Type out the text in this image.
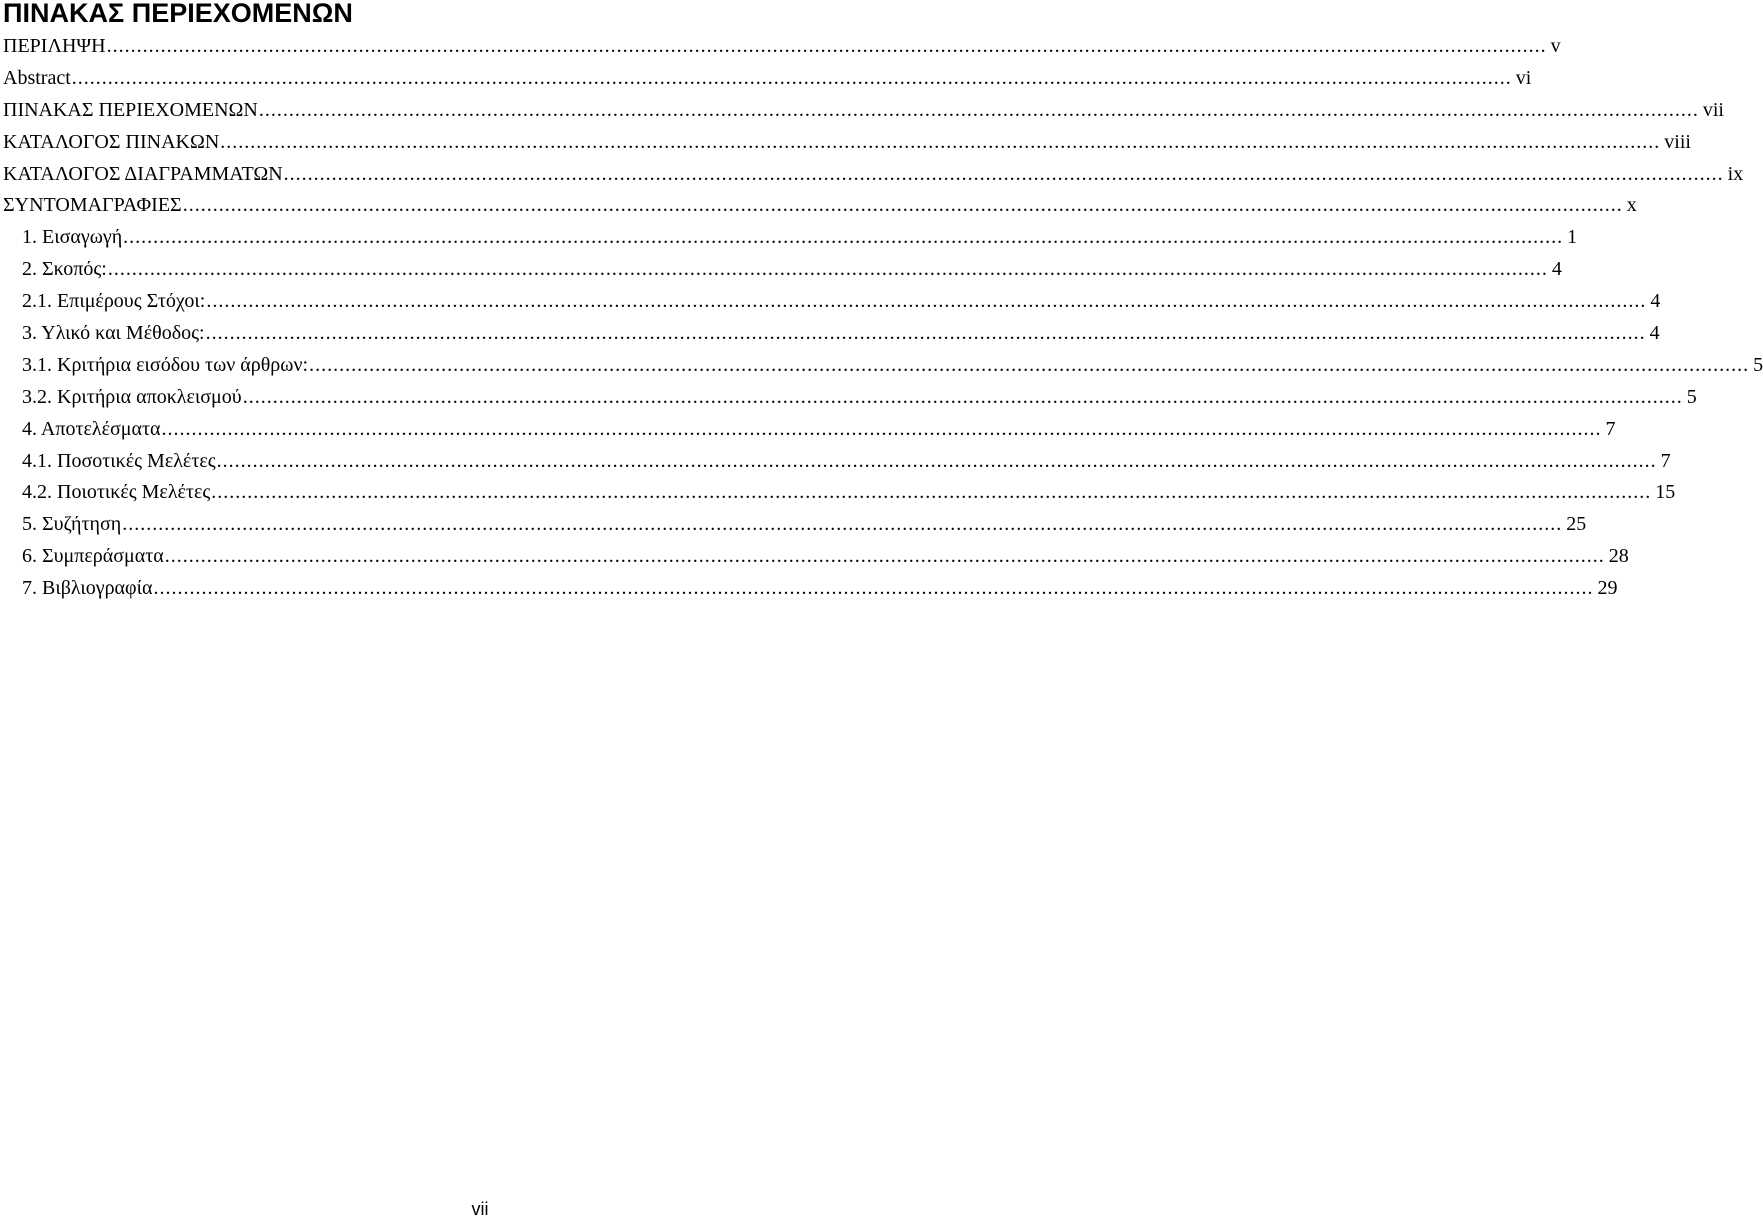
ΠΙΝΑΚΑΣ ΠΕΡΙΕΧΟΜΕΝΩΝ
ΠΕΡΙΛΗΨΗ ................................................................................................................................................................................................................................................ v
Abstract ................................................................................................................................................................................................................................................ vi
ΠΙΝΑΚΑΣ ΠΕΡΙΕΧΟΜΕΝΩΝ ................................................................................................................................................................................................................................................ vii
ΚΑΤΑΛΟΓΟΣ ΠΙΝΑΚΩΝ ................................................................................................................................................................................................................................................ viii
ΚΑΤΑΛΟΓΟΣ ΔΙΑΓΡΑΜΜΑΤΩΝ ................................................................................................................................................................................................................................................ ix
ΣΥΝΤΟΜΑΓΡΑΦΙΕΣ ................................................................................................................................................................................................................................................ x
1. Εισαγωγή ................................................................................................................................................................................................................................................ 1
2. Σκοπός: ................................................................................................................................................................................................................................................ 4
2.1. Επιμέρους Στόχοι: ................................................................................................................................................................................................................................................ 4
3. Υλικό και Μέθοδος: ................................................................................................................................................................................................................................................ 4
3.1. Κριτήρια εισόδου των άρθρων: ................................................................................................................................................................................................................................................ 5
3.2. Κριτήρια αποκλεισμού ................................................................................................................................................................................................................................................ 5
4. Αποτελέσματα ................................................................................................................................................................................................................................................ 7
4.1. Ποσοτικές Μελέτες ................................................................................................................................................................................................................................................ 7
4.2. Ποιοτικές Μελέτες ................................................................................................................................................................................................................................................ 15
5. Συζήτηση ................................................................................................................................................................................................................................................ 25
6. Συμπεράσματα ................................................................................................................................................................................................................................................ 28
7. Βιβλιογραφία ................................................................................................................................................................................................................................................ 29
vii
